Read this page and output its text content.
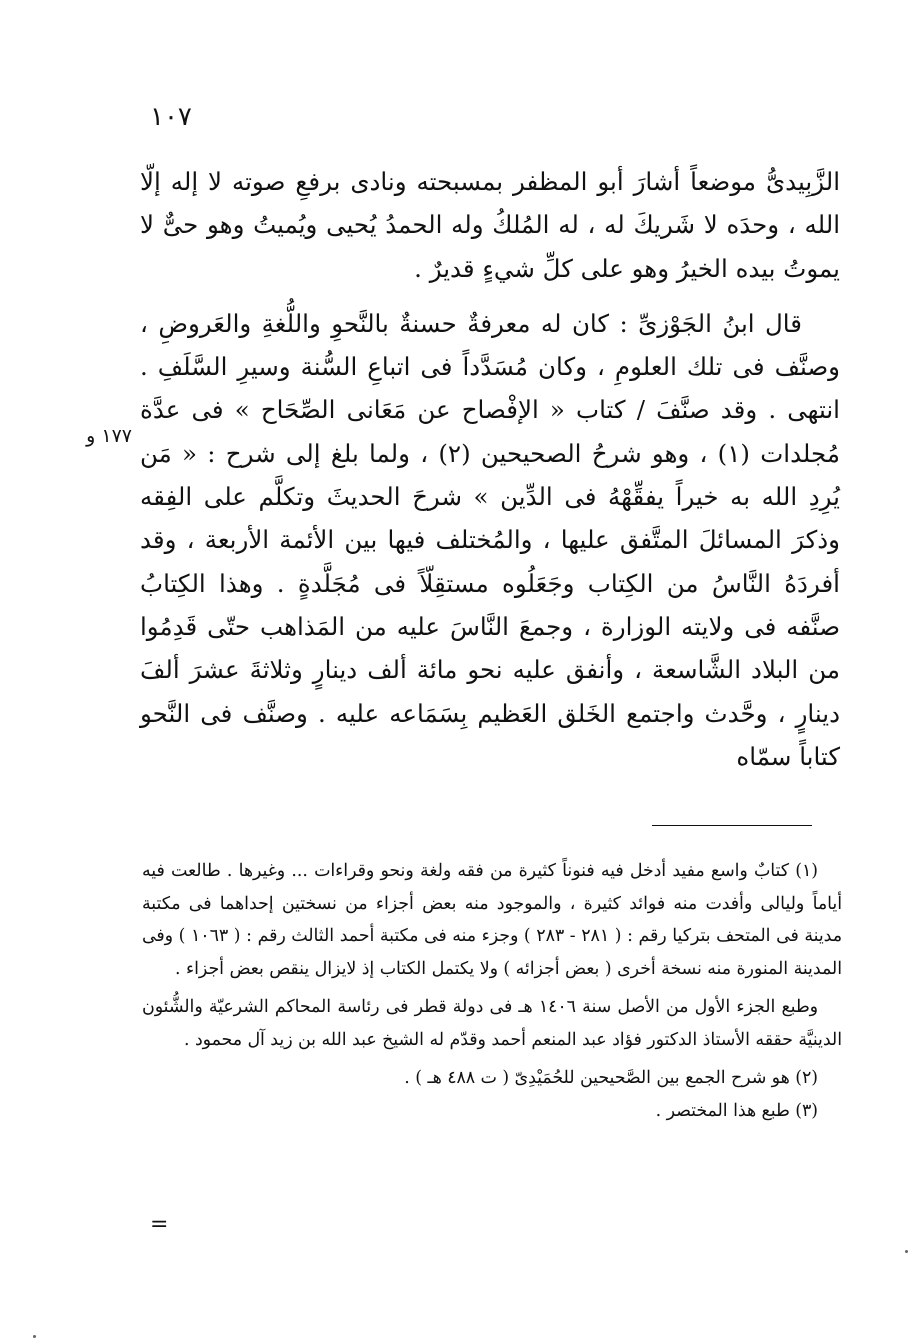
١٠٧

الزَّبِيدىُّ موضعاً أشارَ أبو المظفر بمسبحته ونادى برفعِ صوته لا إله إلّا الله ، وحدَه لا شَريكَ له ، له المُلكُ وله الحمدُ يُحيى ويُميتُ وهو حىٌّ لا يموتُ بيده الخيرُ وهو على كلِّ شيءٍ قديرٌ .

قال ابنُ الجَوْزىِّ : كان له معرفةٌ حسنةٌ بالنَّحوِ واللُّغةِ والعَروضِ ، وصنَّف فى تلك العلومِ ، وكان مُسَدَّداً فى اتباعِ السُّنة وسيرِ السَّلَفِ . انتهى . وقد صنَّفَ / كتاب « الإفْصاح عن مَعَانى الصِّحَاح » فى عدَّة مُجلدات (١) ، وهو شرحُ الصحيحين (٢) ، ولما بلغ إلى شرح : « مَن يُرِدِ الله به خيراً يفقِّهْهُ فى الدِّين » شرحَ الحديثَ وتكلَّم على الفِقه وذكرَ المسائلَ المتَّفق عليها ، والمُختلف فيها بين الأئمة الأربعة ، وقد أفردَهُ النَّاسُ من الكِتاب وجَعَلُوه مستقِلّاً فى مُجَلَّدةٍ . وهذا الكِتابُ صنَّفه فى ولايته الوزارة ، وجمعَ النَّاسَ عليه من المَذاهب حتّى قَدِمُوا من البلاد الشَّاسعة ، وأنفق عليه نحو مائة ألف دينارٍ وثلاثةَ عشرَ ألفَ دينارٍ ، وحَّدث واجتمع الخَلق العَظيم بِسَمَاعه عليه . وصنَّف فى النَّحو كتاباً سمّاه

١٧٧ و

(١) كتابٌ واسع مفيد أدخل فيه فنوناً كثيرة من فقه ولغة ونحو وقراءات ... وغيرها . طالعت فيه أياماً وليالى وأفدت منه فوائد كثيرة ، والموجود منه بعض أجزاء من نسختين إحداهما فى مكتبة مدينة فى المتحف بتركيا رقم : ( ٢٨١ - ٢٨٣ ) وجزء منه فى مكتبة أحمد الثالث رقم : ( ١٠٦٣ ) وفى المدينة المنورة منه نسخة أخرى ( بعض أجزائه ) ولا يكتمل الكتاب إذ لايزال ينقص بعض أجزاء .

وطبع الجزء الأول من الأصل سنة ١٤٠٦ هـ فى دولة قطر فى رئاسة المحاكم الشرعيّة والشُّئون الدينيَّة حققه الأستاذ الدكتور فؤاد عبد المنعم أحمد وقدّم له الشيخ عبد الله بن زيد آل محمود .

(٢) هو شرح الجمع بين الصَّحيحين للحُمَيْدِىّ ( ت ٤٨٨ هـ ) .

(٣) طبع هذا المختصر .

=
